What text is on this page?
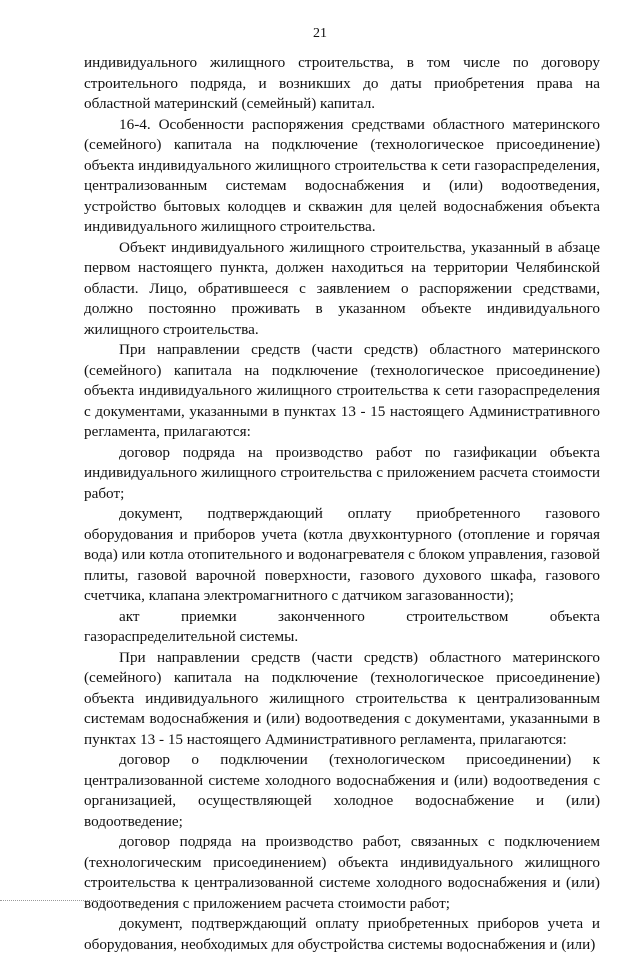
21

индивидуального жилищного строительства, в том числе по договору строительного подряда, и возникших до даты приобретения права на областной материнский (семейный) капитал.

16-4. Особенности распоряжения средствами областного материнского (семейного) капитала на подключение (технологическое присоединение) объекта индивидуального жилищного строительства к сети газораспределения, централизованным системам водоснабжения и (или) водоотведения, устройство бытовых колодцев и скважин для целей водоснабжения объекта индивидуального жилищного строительства.

Объект индивидуального жилищного строительства, указанный в абзаце первом настоящего пункта, должен находиться на территории Челябинской области. Лицо, обратившееся с заявлением о распоряжении средствами, должно постоянно проживать в указанном объекте индивидуального жилищного строительства.

При направлении средств (части средств) областного материнского (семейного) капитала на подключение (технологическое присоединение) объекта индивидуального жилищного строительства к сети газораспределения с документами, указанными в пунктах 13 - 15 настоящего Административного регламента, прилагаются:

договор подряда на производство работ по газификации объекта индивидуального жилищного строительства с приложением расчета стоимости работ;

документ, подтверждающий оплату приобретенного газового оборудования и приборов учета (котла двухконтурного (отопление и горячая вода) или котла отопительного и водонагревателя с блоком управления, газовой плиты, газовой варочной поверхности, газового духового шкафа, газового счетчика, клапана электромагнитного с датчиком загазованности);

акт приемки законченного строительством объекта газораспределительной системы.

При направлении средств (части средств) областного материнского (семейного) капитала на подключение (технологическое присоединение) объекта индивидуального жилищного строительства к централизованным системам водоснабжения и (или) водоотведения с документами, указанными в пунктах 13 - 15 настоящего Административного регламента, прилагаются:

договор о подключении (технологическом присоединении) к централизованной системе холодного водоснабжения и (или) водоотведения с организацией, осуществляющей холодное водоснабжение и (или) водоотведение;

договор подряда на производство работ, связанных с подключением (технологическим присоединением) объекта индивидуального жилищного строительства к централизованной системе холодного водоснабжения и (или) водоотведения с приложением расчета стоимости работ;

документ, подтверждающий оплату приобретенных приборов учета и оборудования, необходимых для обустройства системы водоснабжения и (или)
